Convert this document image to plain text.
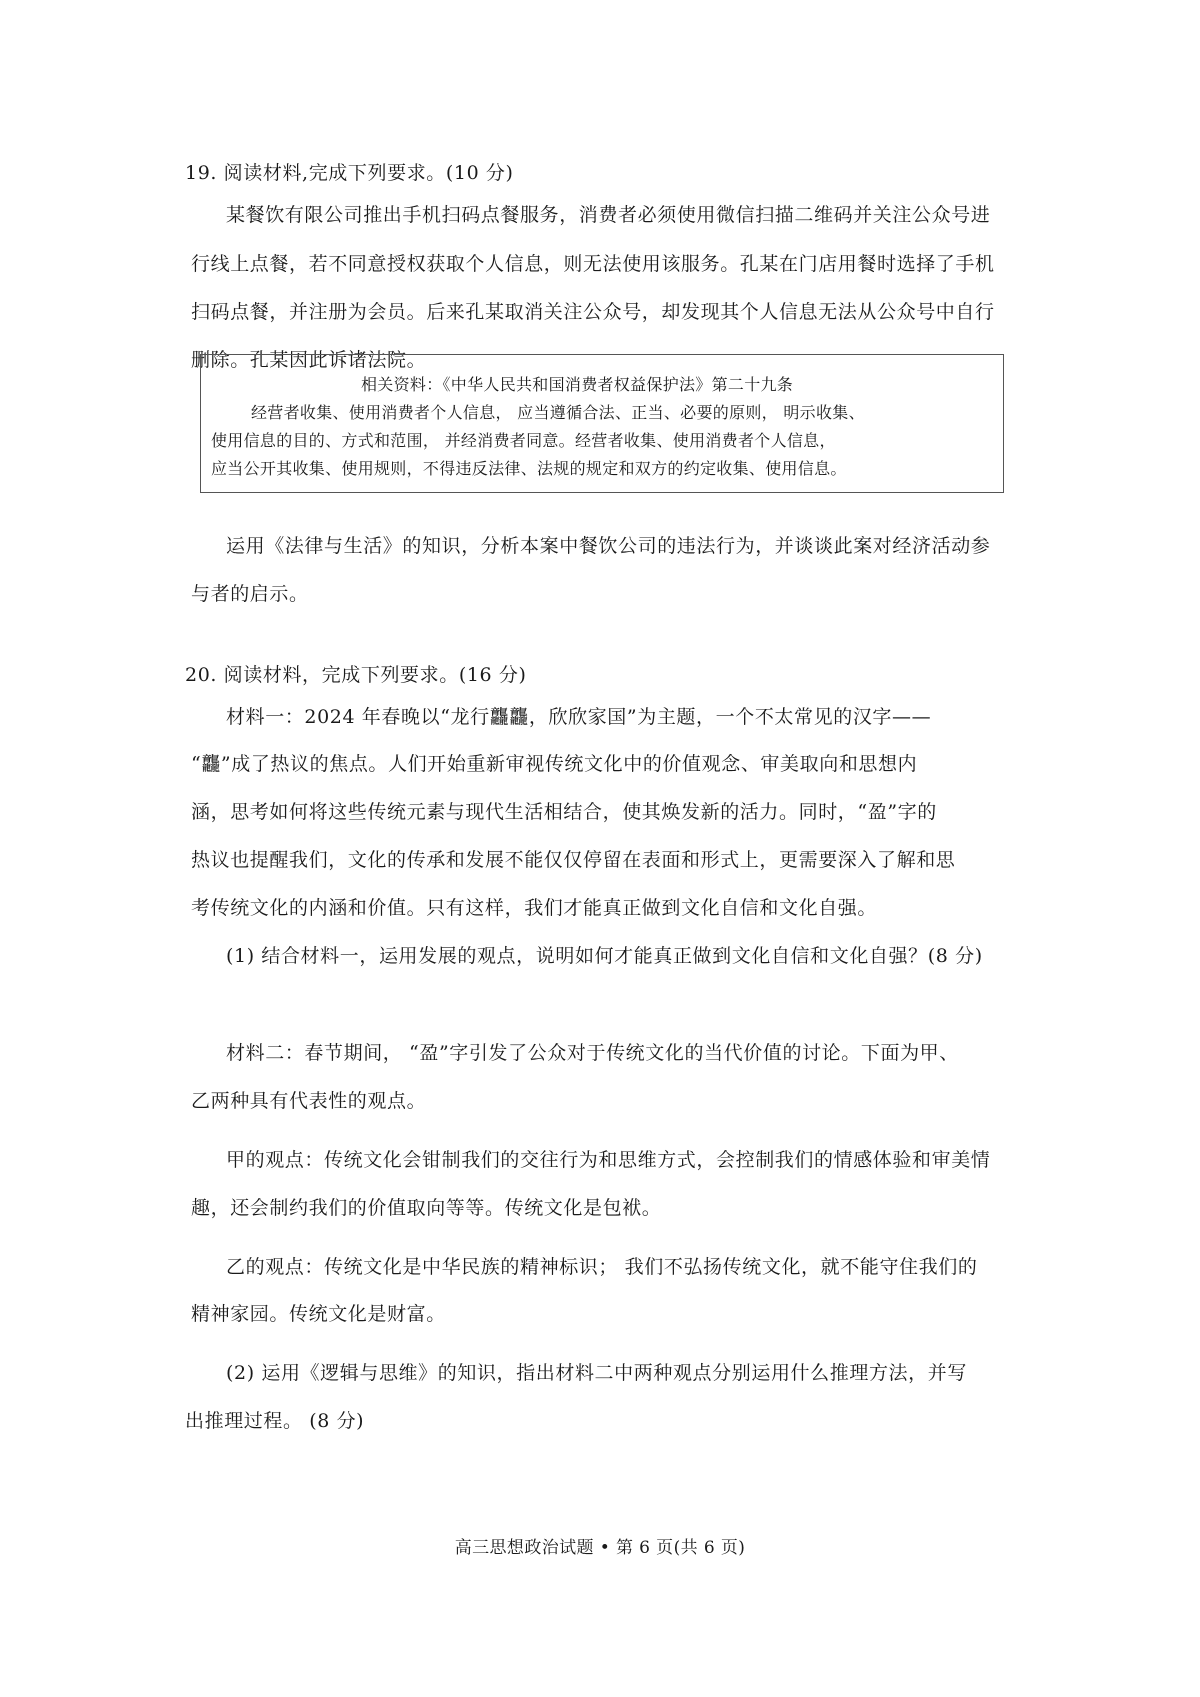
19. 阅读材料,完成下列要求。(10 分)
某餐饮有限公司推出手机扫码点餐服务，消费者必须使用微信扫描二维码并关注公众号进
行线上点餐，若不同意授权获取个人信息，则无法使用该服务。孔某在门店用餐时选择了手机
扫码点餐，并注册为会员。后来孔某取消关注公众号，却发现其个人信息无法从公众号中自行
删除。孔某因此诉诸法院。
相关资料：《中华人民共和国消费者权益保护法》第二十九条
经营者收集、使用消费者个人信息， 应当遵循合法、正当、必要的原则， 明示收集、
使用信息的目的、方式和范围， 并经消费者同意。经营者收集、使用消费者个人信息，
应当公开其收集、使用规则，不得违反法律、法规的规定和双方的约定收集、使用信息。
运用《法律与生活》的知识，分析本案中餐饮公司的违法行为，并谈谈此案对经济活动参
与者的启示。
20. 阅读材料，完成下列要求。(16 分)
材料一：2024 年春晚以“龙行龘龘，欣欣家国”为主题，一个不太常见的汉字——
“龘”成了热议的焦点。人们开始重新审视传统文化中的价值观念、审美取向和思想内
涵，思考如何将这些传统元素与现代生活相结合，使其焕发新的活力。同时，“盈”字的
热议也提醒我们，文化的传承和发展不能仅仅停留在表面和形式上，更需要深入了解和思
考传统文化的内涵和价值。只有这样，我们才能真正做到文化自信和文化自强。
(1) 结合材料一，运用发展的观点，说明如何才能真正做到文化自信和文化自强？(8 分)
材料二：春节期间， “盈”字引发了公众对于传统文化的当代价值的讨论。下面为甲、
乙两种具有代表性的观点。
甲的观点：传统文化会钳制我们的交往行为和思维方式，会控制我们的情感体验和审美情
趣，还会制约我们的价值取向等等。传统文化是包袱。
乙的观点：传统文化是中华民族的精神标识； 我们不弘扬传统文化，就不能守住我们的
精神家园。传统文化是财富。
(2) 运用《逻辑与思维》的知识，指出材料二中两种观点分别运用什么推理方法，并写
出推理过程。 (8 分)
高三思想政治试题 • 第 6 页(共 6 页)
